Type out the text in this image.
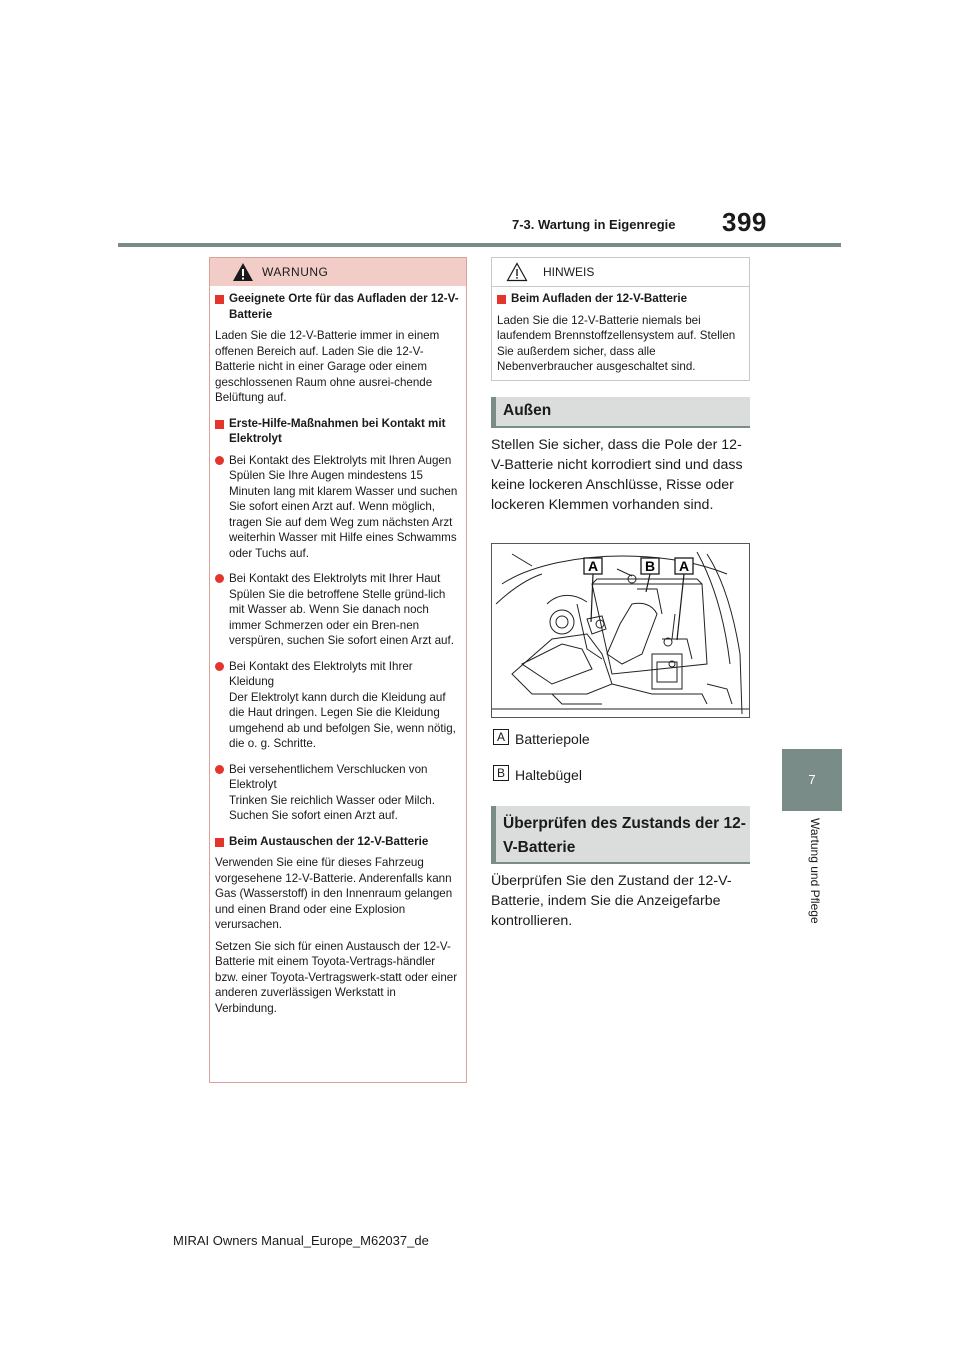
7-3. Wartung in Eigenregie 399
7
Wartung und Pflege
WARNUNG

Geeignete Orte für das Aufladen der 12-V-Batterie

Laden Sie die 12-V-Batterie immer in einem offenen Bereich auf. Laden Sie die 12-V-Batterie nicht in einer Garage oder einem geschlossenen Raum ohne ausrei-chende Belüftung auf.

Erste-Hilfe-Maßnahmen bei Kontakt mit Elektrolyt

Bei Kontakt des Elektrolyts mit Ihren Augen
Spülen Sie Ihre Augen mindestens 15 Minuten lang mit klarem Wasser und suchen Sie sofort einen Arzt auf. Wenn möglich, tragen Sie auf dem Weg zum nächsten Arzt weiterhin Wasser mit Hilfe eines Schwamms oder Tuchs auf.

Bei Kontakt des Elektrolyts mit Ihrer Haut
Spülen Sie die betroffene Stelle gründ-lich mit Wasser ab. Wenn Sie danach noch immer Schmerzen oder ein Bren-nen verspüren, suchen Sie sofort einen Arzt auf.

Bei Kontakt des Elektrolyts mit Ihrer Kleidung
Der Elektrolyt kann durch die Kleidung auf die Haut dringen. Legen Sie die Kleidung umgehend ab und befolgen Sie, wenn nötig, die o. g. Schritte.

Bei versehentlichem Verschlucken von Elektrolyt
Trinken Sie reichlich Wasser oder Milch. Suchen Sie sofort einen Arzt auf.

Beim Austauschen der 12-V-Batterie

Verwenden Sie eine für dieses Fahrzeug vorgesehene 12-V-Batterie. Anderenfalls kann Gas (Wasserstoff) in den Innenraum gelangen und einen Brand oder eine Explosion verursachen.

Setzen Sie sich für einen Austausch der 12-V-Batterie mit einem Toyota-Vertrags-händler bzw. einer Toyota-Vertragswerk-statt oder einer anderen zuverlässigen Werkstatt in Verbindung.

HINWEIS

Beim Aufladen der 12-V-Batterie

Laden Sie die 12-V-Batterie niemals bei laufendem Brennstoffzellensystem auf. Stellen Sie außerdem sicher, dass alle Nebenverbraucher ausgeschaltet sind.

Außen
Stellen Sie sicher, dass die Pole der 12-V-Batterie nicht korrodiert sind und dass keine lockeren Anschlüsse, Risse oder lockeren Klemmen vorhanden sind.
A	B A
A Batteriepole
B Haltebügel
Überprüfen des Zustands der 12-V-Batterie
Überprüfen Sie den Zustand der 12-V-Batterie, indem Sie die Anzeigefarbe kontrollieren.
MIRAI Owners Manual_Europe_M62037_de
